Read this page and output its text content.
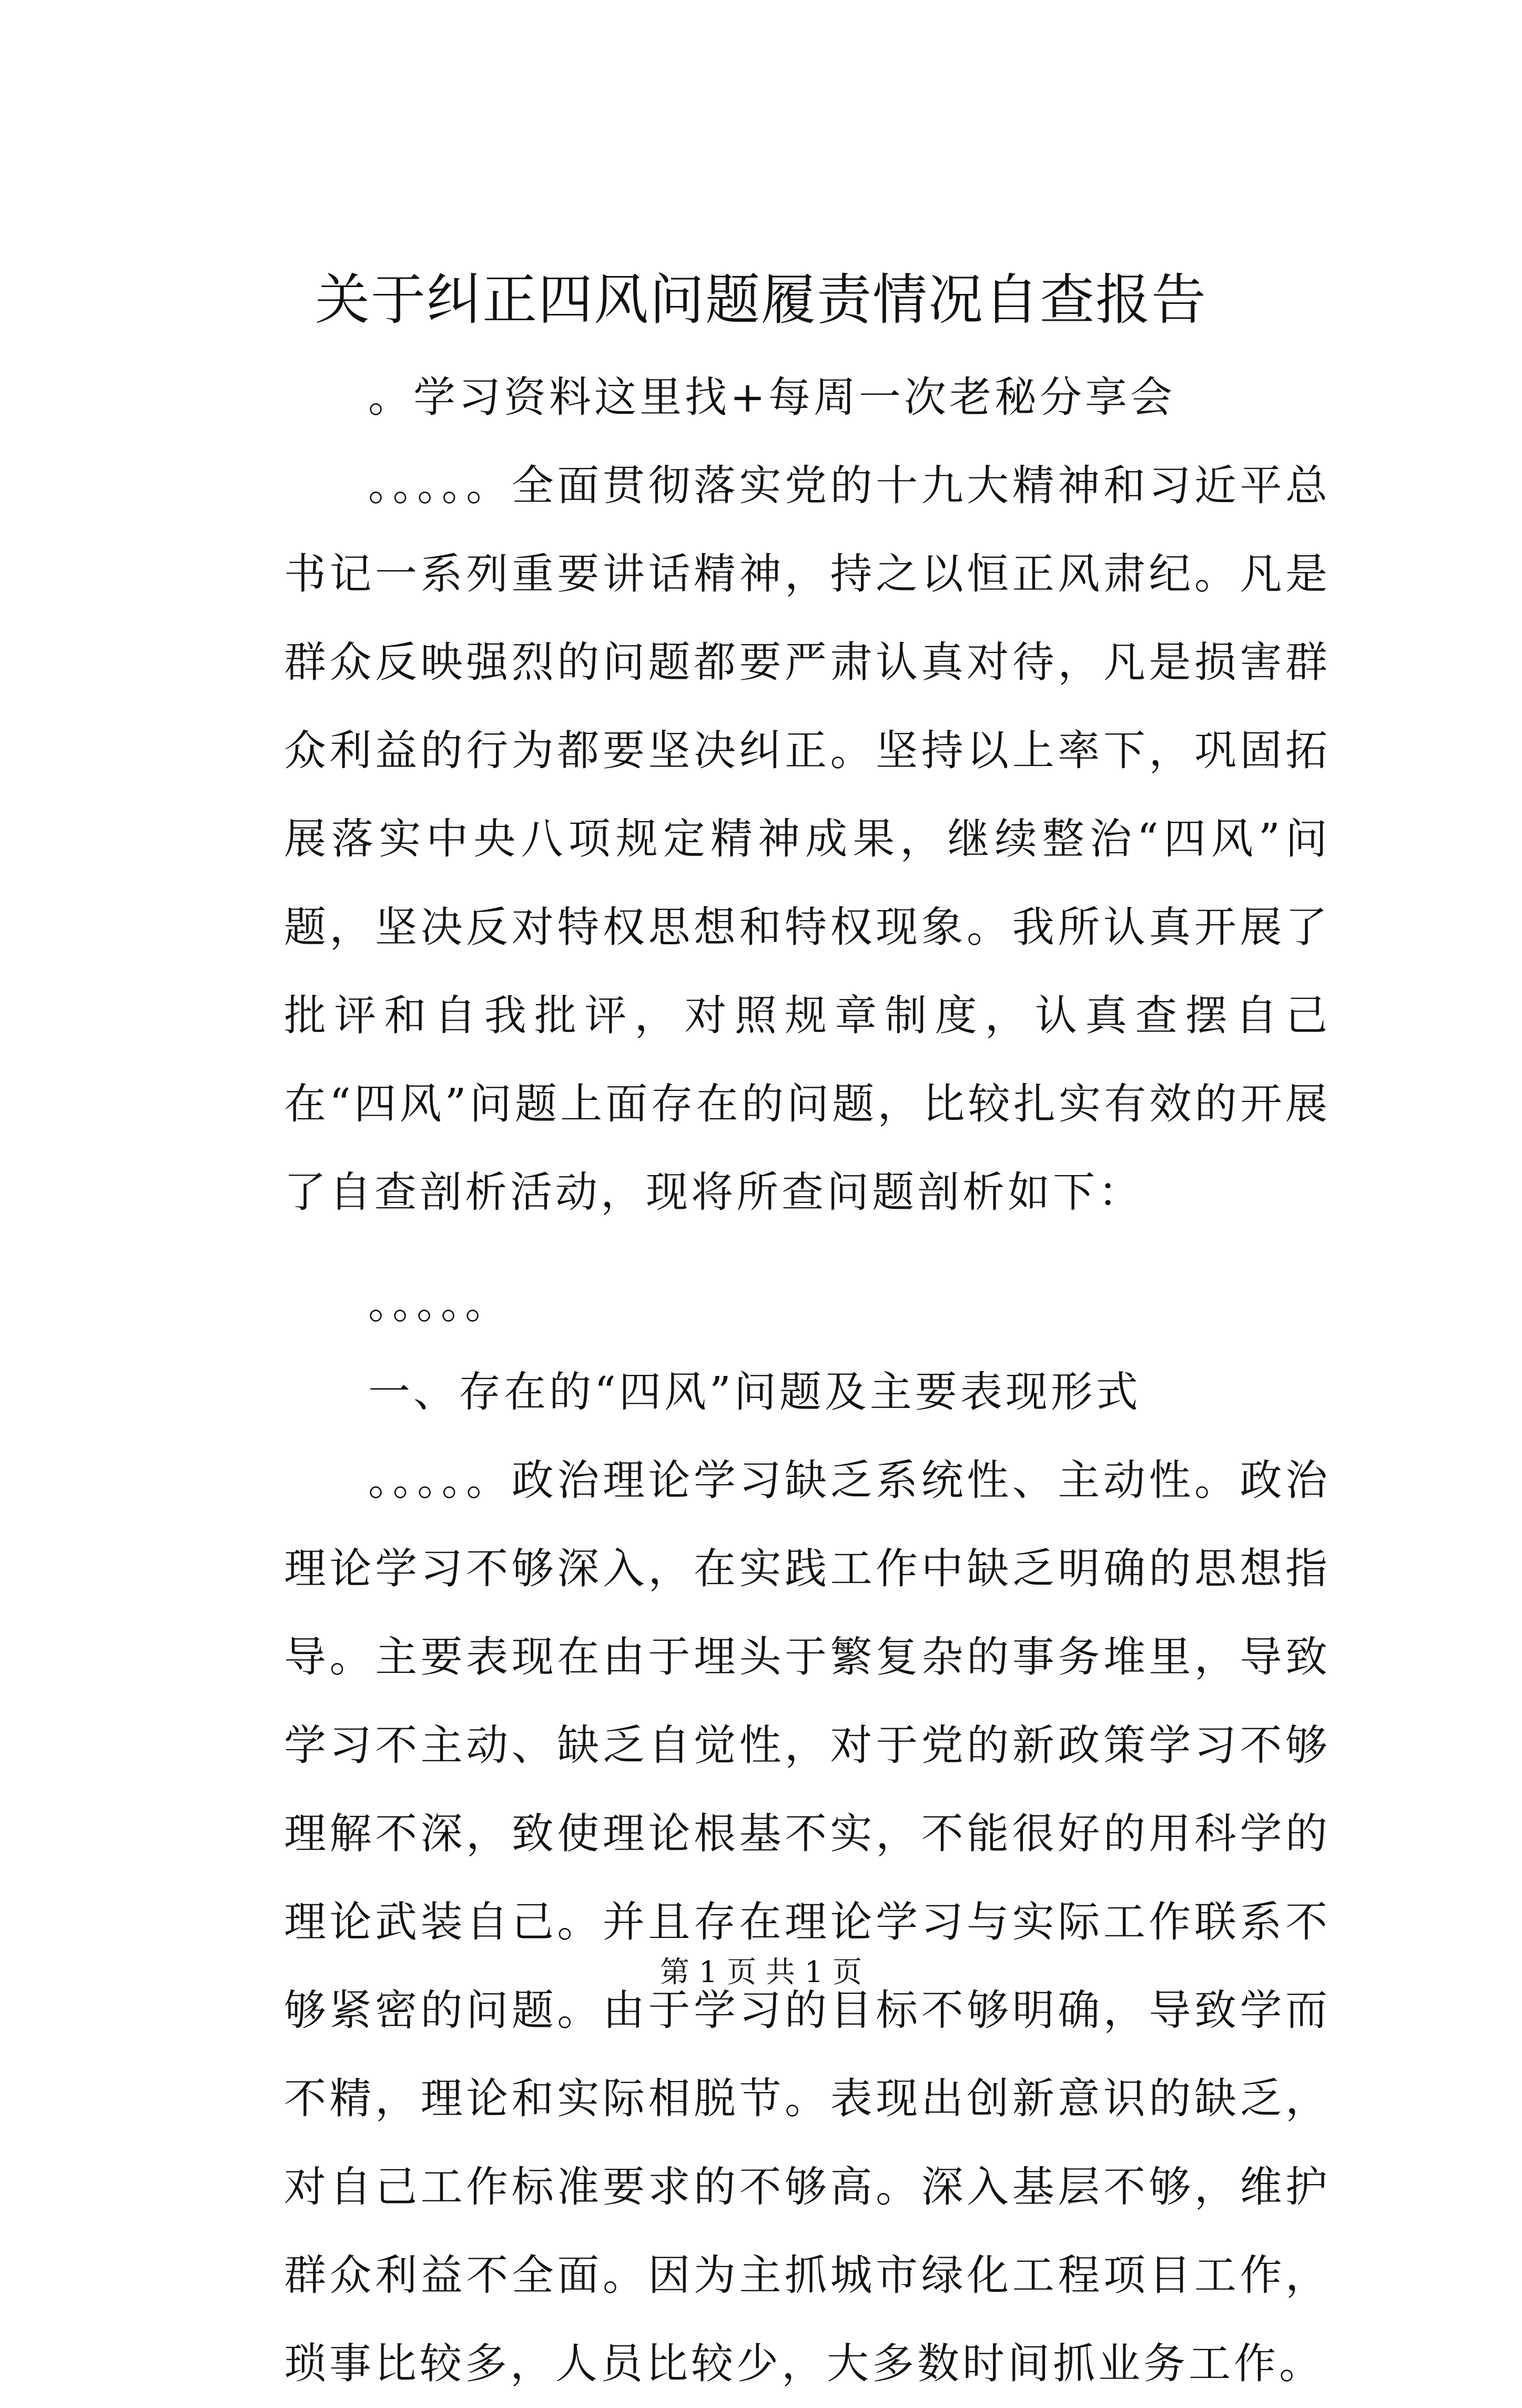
关于纠正四风问题履责情况自查报告

。学习资料这里找+每周一次老秘分享会

。。。。。全面贯彻落实党的十九大精神和习近平总书记一系列重要讲话精神，持之以恒正风肃纪。凡是群众反映强烈的问题都要严肃认真对待，凡是损害群众利益的行为都要坚决纠正。坚持以上率下，巩固拓展落实中央八项规定精神成果，继续整治“四风”问题，坚决反对特权思想和特权现象。我所认真开展了批评和自我批评，对照规章制度，认真查摆自己在“四风”问题上面存在的问题，比较扎实有效的开展了自查剖析活动，现将所查问题剖析如下：

。。。。。

一、存在的“四风”问题及主要表现形式

。。。。。政治理论学习缺乏系统性、主动性。政治理论学习不够深入，在实践工作中缺乏明确的思想指导。主要表现在由于埋头于繁复杂的事务堆里，导致学习不主动、缺乏自觉性，对于党的新政策学习不够理解不深，致使理论根基不实，不能很好的用科学的理论武装自己。并且存在理论学习与实际工作联系不够紧密的问题。由于学习的目标不够明确，导致学而不精，理论和实际相脱节。表现出创新意识的缺乏，对自己工作标准要求的不够高。深入基层不够，维护群众利益不全面。因为主抓城市绿化工程项目工作，琐事比较多，人员比较少，大多数时间抓业务工作。

第 1 页 共 1 页
